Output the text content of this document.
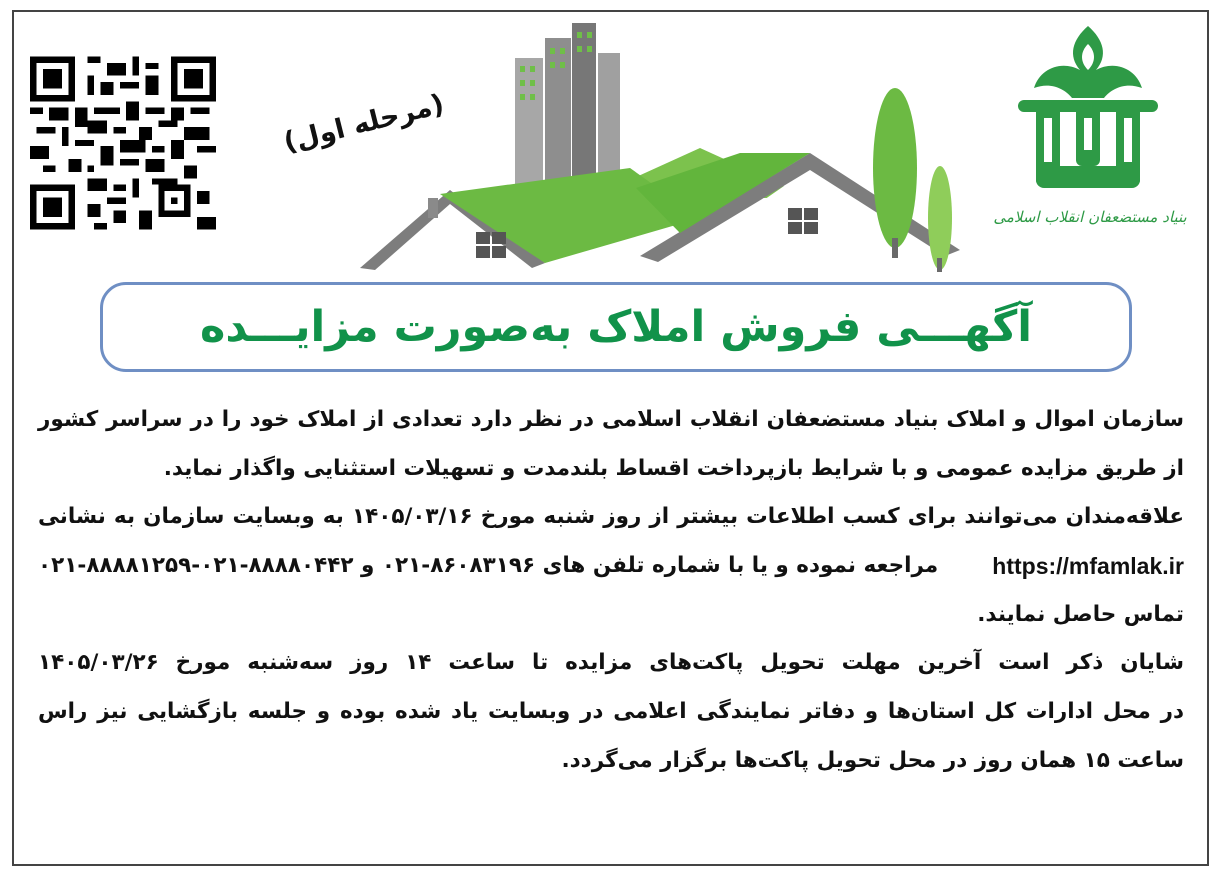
(مرحله اول)
بنیاد مستضعفان انقلاب اسلامی
آگهـــی فروش املاک به‌صورت مزایـــده
سازمان اموال و املاک بنیاد مستضعفان انقلاب اسلامی در نظر دارد تعدادی از املاک خود را در سراسر کشور
از طریق مزایده عمومی و با شرایط بازپرداخت اقساط بلندمدت و تسهیلات استثنایی واگذار نماید.
علاقه‌مندان می‌توانند برای کسب اطلاعات بیشتر از روز شنبه مورخ ۱۴۰۵/۰۳/۱۶ به وبسایت سازمان به نشانی
https://mfamlak.ir
مراجعه نموده و یا با شماره تلفن های ۸۶۰۸۳۱۹۶-۰۲۱ و ۸۸۸۸۰۴۴۲-۰۲۱-۸۸۸۸۱۲۵۹-۰۲۱
تماس حاصل نمایند.
شایان ذکر است آخرین مهلت تحویل پاکت‌های مزایده تا ساعت ۱۴ روز سه‌شنبه مورخ ۱۴۰۵/۰۳/۲۶
در محل ادارات کل استان‌ها و دفاتر نمایندگی اعلامی در وبسایت یاد شده بوده و جلسه بازگشایی نیز راس
ساعت ۱۵ همان روز در محل تحویل پاکت‌ها برگزار می‌گردد.
